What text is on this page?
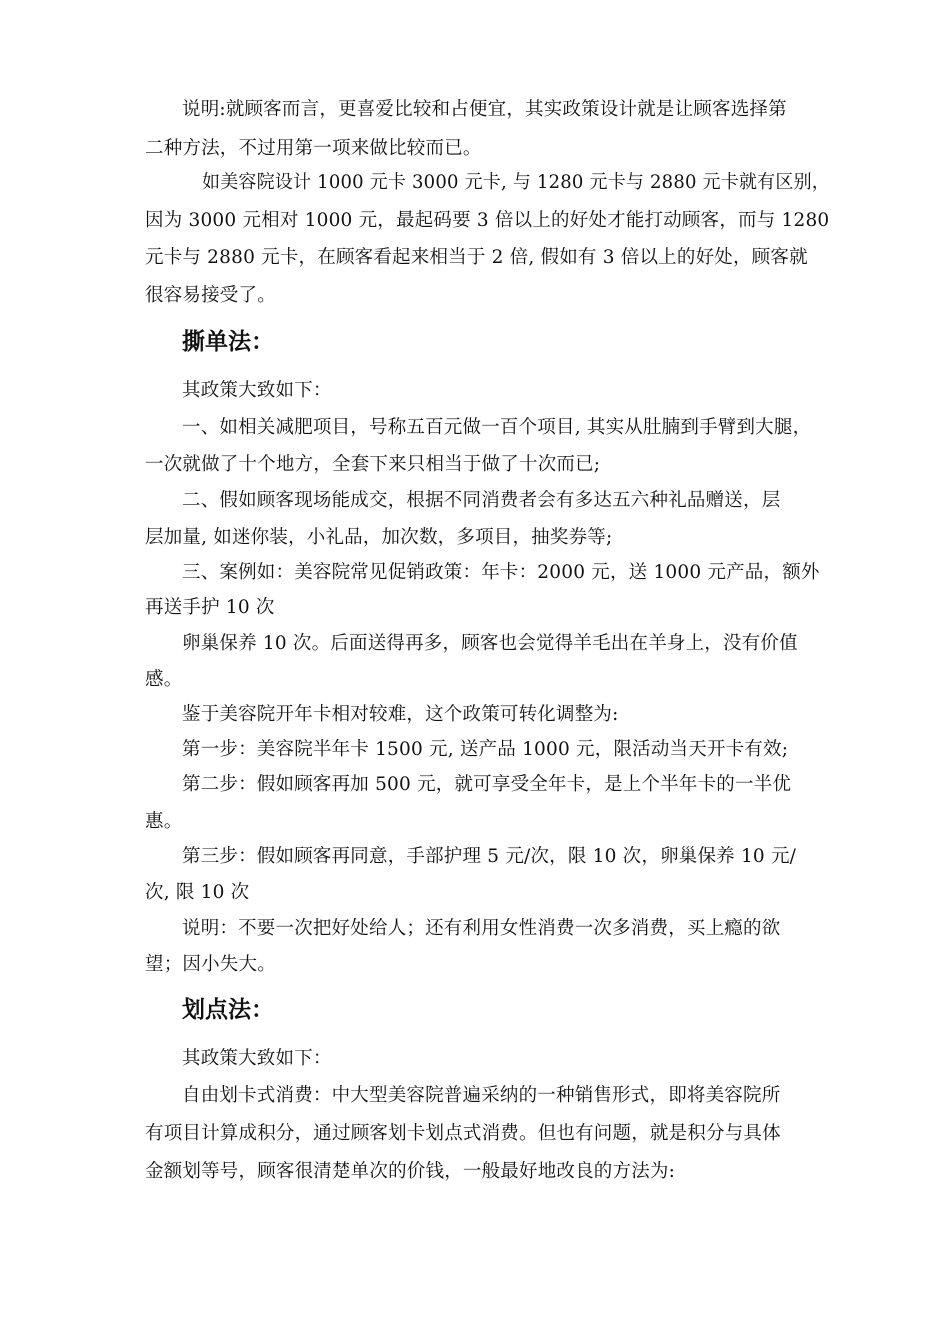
说明:就顾客而言，更喜爱比较和占便宜，其实政策设计就是让顾客选择第
二种方法，不过用第一项来做比较而已。
如美容院设计 1000 元卡 3000 元卡, 与 1280 元卡与 2880 元卡就有区别，
因为 3000 元相对 1000 元，最起码要 3 倍以上的好处才能打动顾客，而与 1280
元卡与 2880 元卡，在顾客看起来相当于 2 倍, 假如有 3 倍以上的好处，顾客就
很容易接受了。
撕单法：
其政策大致如下：
一、如相关减肥项目，号称五百元做一百个项目, 其实从肚腩到手臂到大腿，
一次就做了十个地方，全套下来只相当于做了十次而已;
二、假如顾客现场能成交，根据不同消费者会有多达五六种礼品赠送，层
层加量, 如迷你装，小礼品，加次数，多项目，抽奖券等;
三、案例如：美容院常见促销政策：年卡：2000 元，送 1000 元产品，额外
再送手护 10 次
卵巢保养 10 次。后面送得再多，顾客也会觉得羊毛出在羊身上，没有价值
感。
鉴于美容院开年卡相对较难，这个政策可转化调整为:
第一步：美容院半年卡 1500 元, 送产品 1000 元，限活动当天开卡有效;
第二步：假如顾客再加 500 元，就可享受全年卡，是上个半年卡的一半优
惠。
第三步：假如顾客再同意，手部护理 5 元/次，限 10 次，卵巢保养 10 元/
次, 限 10 次
说明：不要一次把好处给人；还有利用女性消费一次多消费，买上瘾的欲
望；因小失大。
划点法：
其政策大致如下：
自由划卡式消费：中大型美容院普遍采纳的一种销售形式，即将美容院所
有项目计算成积分，通过顾客划卡划点式消费。但也有问题，就是积分与具体
金额划等号，顾客很清楚单次的价钱，一般最好地改良的方法为:
